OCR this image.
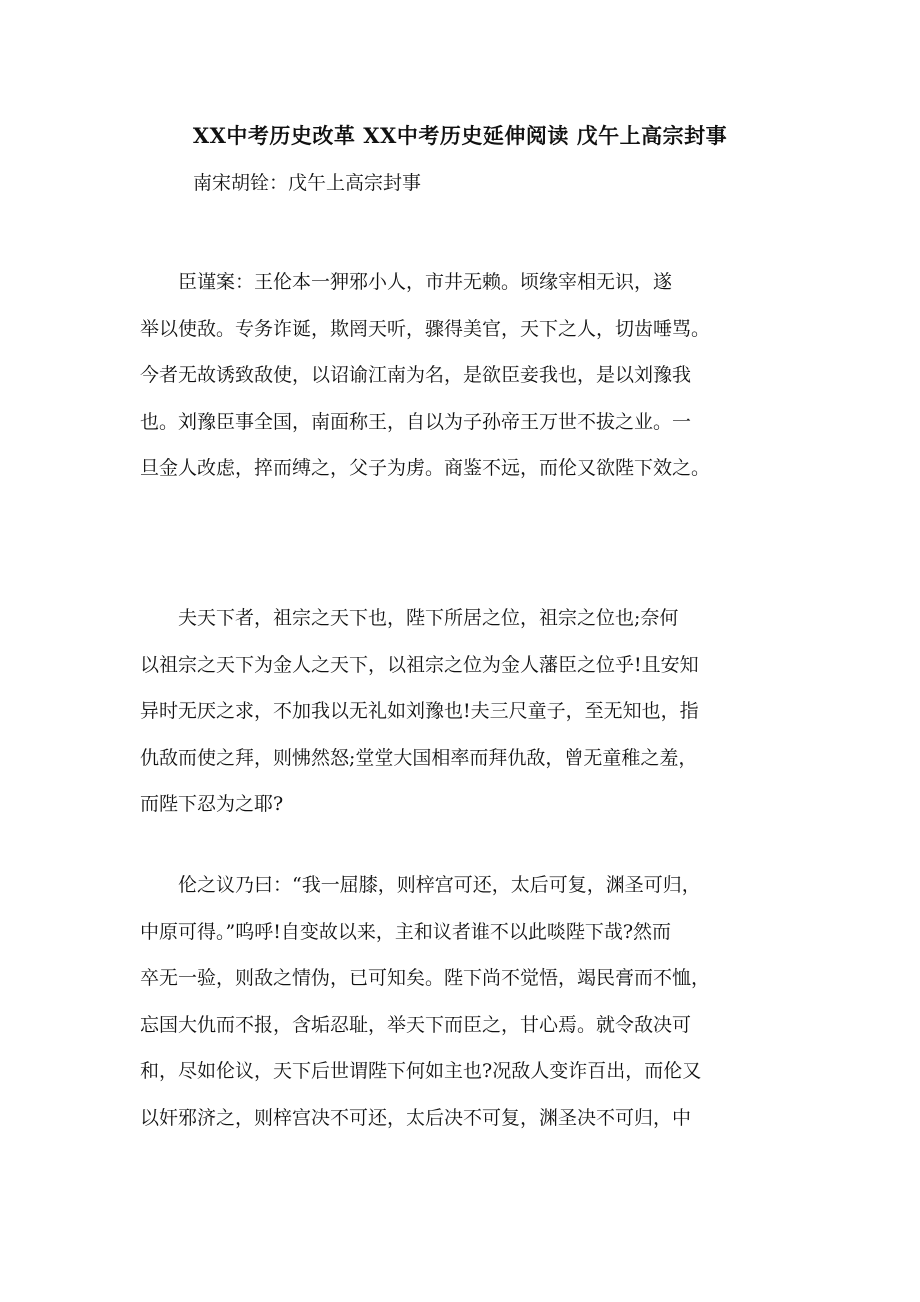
XX中考历史改革 XX中考历史延伸阅读 戊午上高宗封事

南宋胡铨：戊午上高宗封事

　　臣谨案：王伦本一狎邪小人，市井无赖。顷缘宰相无识，遂
举以使敌。专务诈诞，欺罔天听，骤得美官，天下之人，切齿唾骂。
今者无故诱致敌使，以诏谕江南为名，是欲臣妾我也，是以刘豫我
也。刘豫臣事全国，南面称王，自以为子孙帝王万世不拔之业。一
旦金人改虑，捽而缚之，父子为虏。商鉴不远，而伦又欲陛下效之。
　　夫天下者，祖宗之天下也，陛下所居之位，祖宗之位也;奈何
以祖宗之天下为金人之天下，以祖宗之位为金人藩臣之位乎!且安知
异时无厌之求，不加我以无礼如刘豫也!夫三尺童子，至无知也，指
仇敌而使之拜，则怫然怒;堂堂大国相率而拜仇敌，曾无童稚之羞，
而陛下忍为之耶?
　　伦之议乃曰：“我一屈膝，则梓宫可还，太后可复，渊圣可归，
中原可得。”呜呼!自变故以来，主和议者谁不以此啖陛下哉?然而
卒无一验，则敌之情伪，已可知矣。陛下尚不觉悟，竭民膏而不恤，
忘国大仇而不报，含垢忍耻，举天下而臣之，甘心焉。就令敌决可
和，尽如伦议，天下后世谓陛下何如主也?况敌人变诈百出，而伦又
以奸邪济之，则梓宫决不可还，太后决不可复，渊圣决不可归，中
